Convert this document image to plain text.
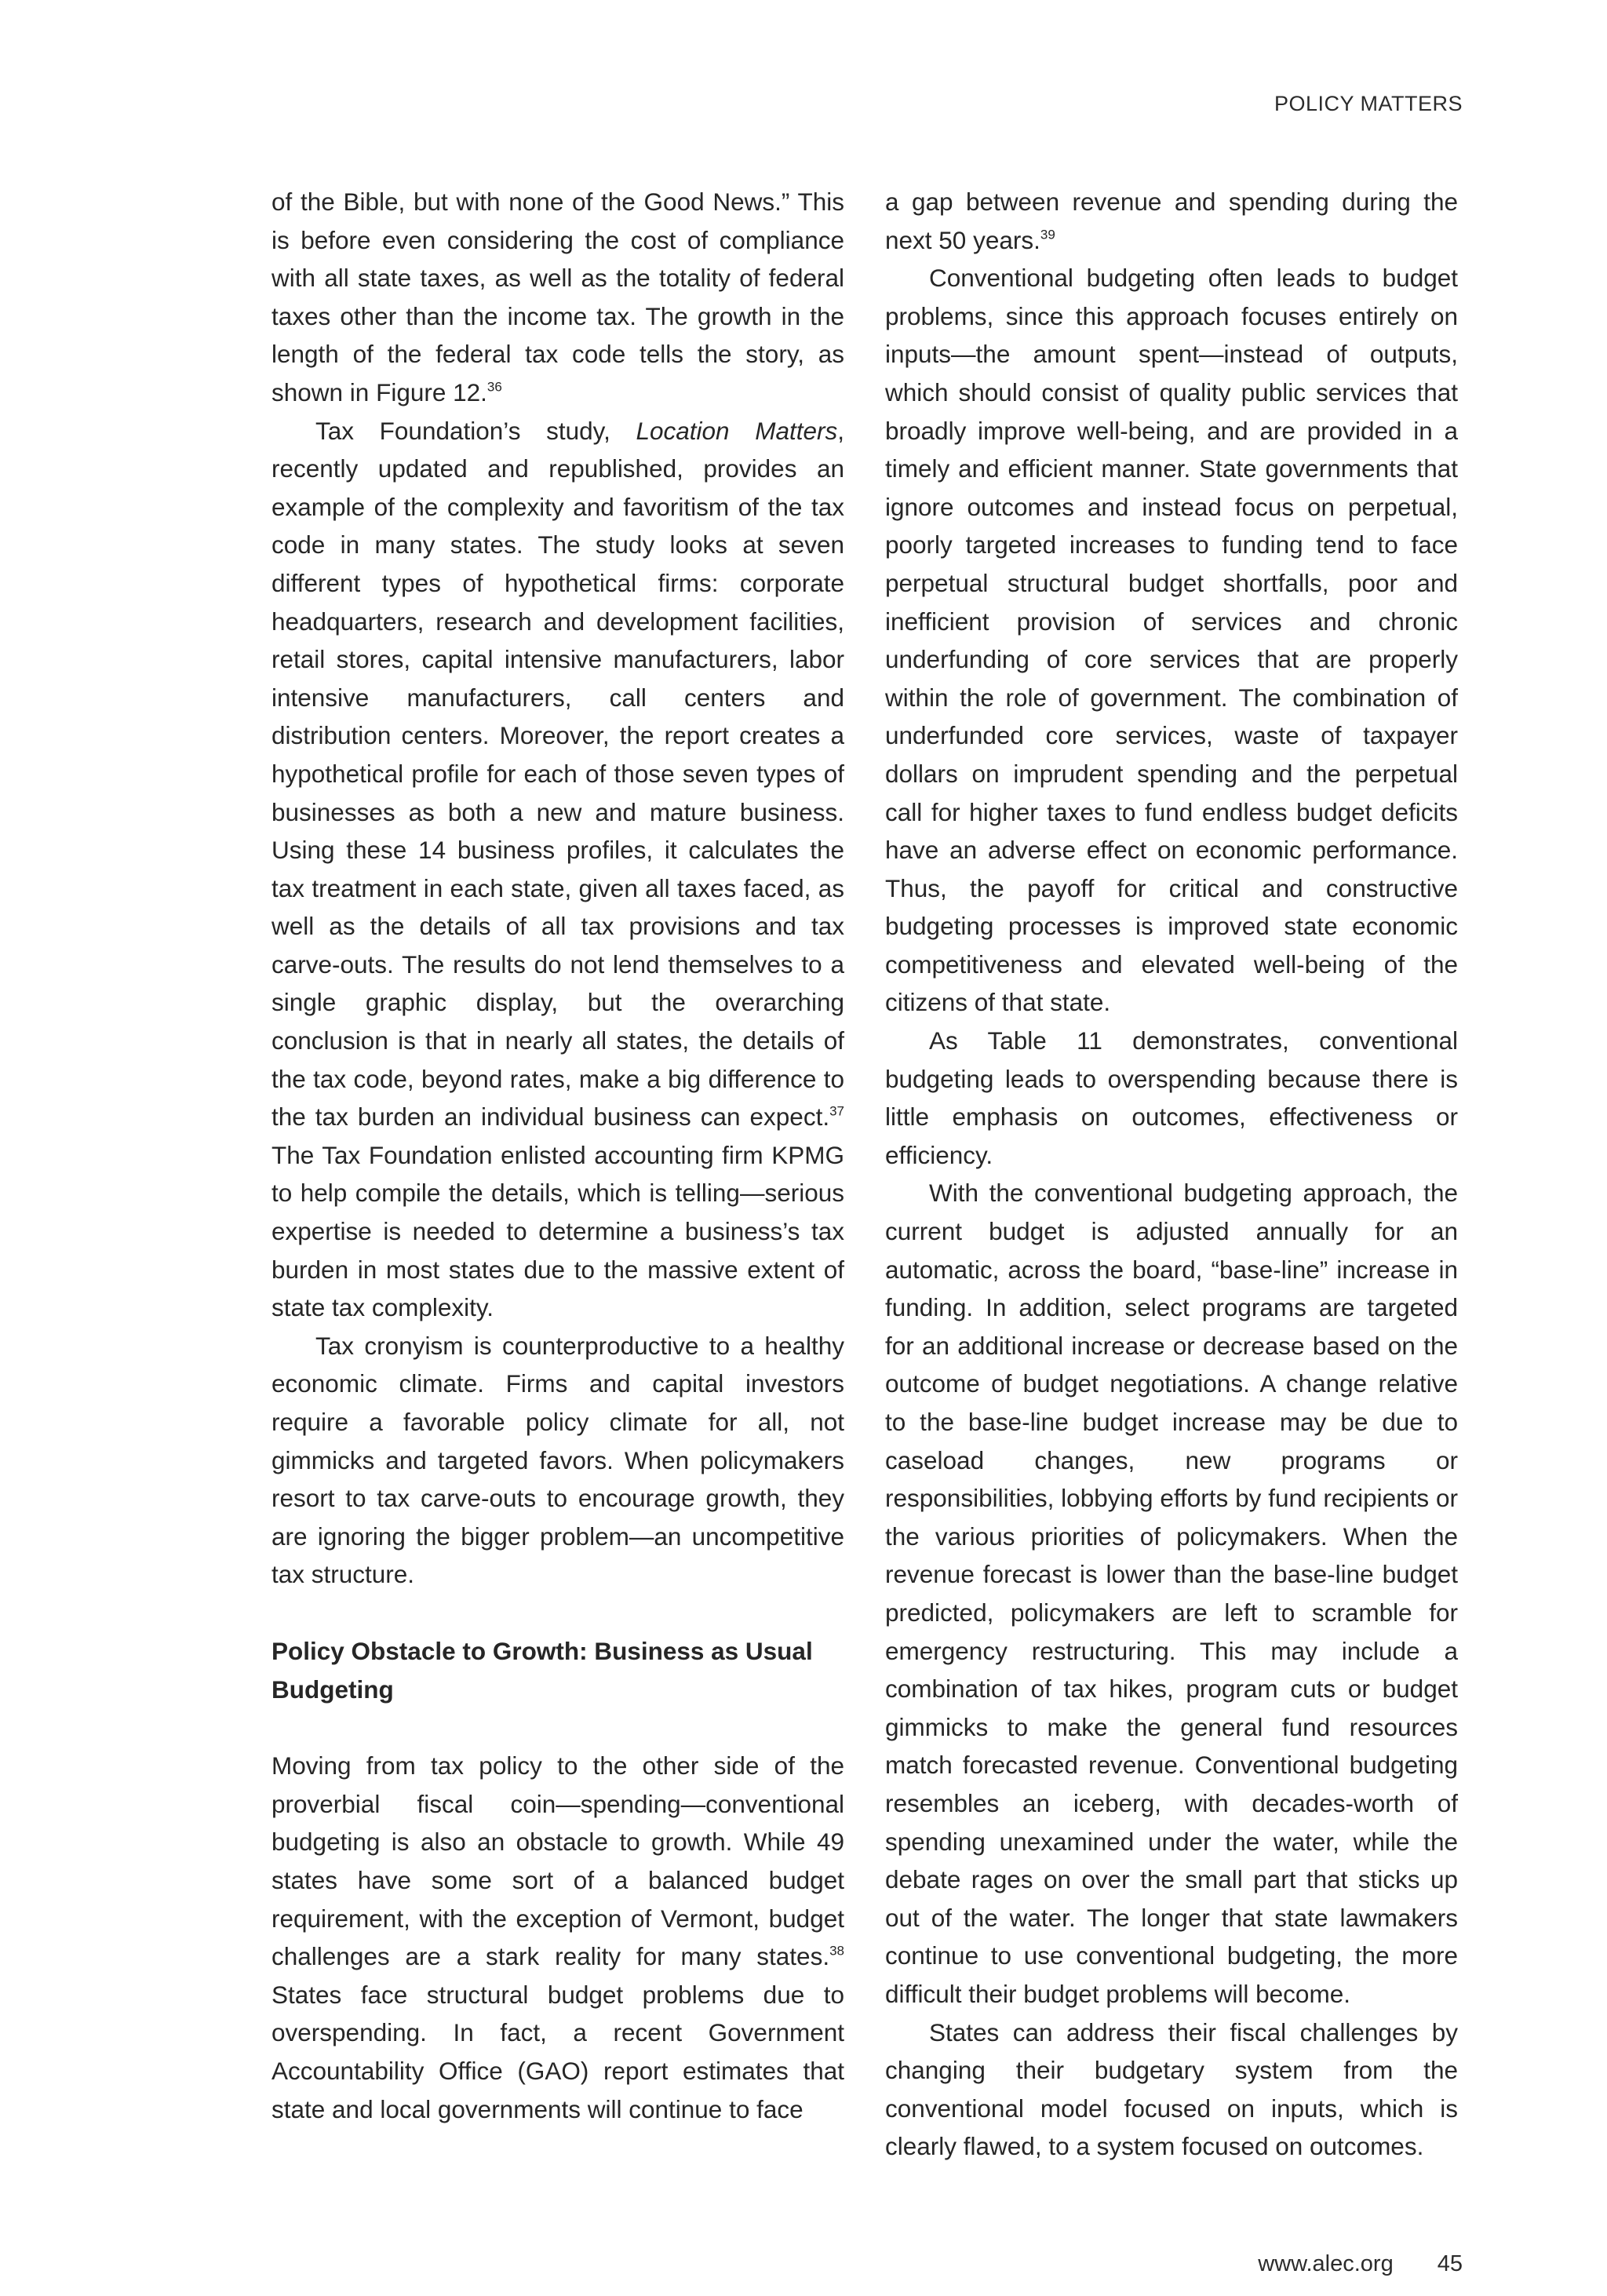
POLICY MATTERS

of the Bible, but with none of the Good News.” This is before even considering the cost of compliance with all state taxes, as well as the totality of federal taxes other than the income tax. The growth in the length of the federal tax code tells the story, as shown in Figure 12.36

Tax Foundation’s study, Location Matters, recently updated and republished, provides an example of the complexity and favoritism of the tax code in many states. The study looks at seven different types of hypothetical firms: corporate headquarters, research and development facilities, retail stores, capital intensive manufacturers, labor intensive manufacturers, call centers and distribution centers. Moreover, the report creates a hypothetical profile for each of those seven types of businesses as both a new and mature business. Using these 14 business profiles, it calculates the tax treatment in each state, given all taxes faced, as well as the details of all tax provisions and tax carve-outs. The results do not lend themselves to a single graphic display, but the overarching conclusion is that in nearly all states, the details of the tax code, beyond rates, make a big difference to the tax burden an individual business can expect.$^{37}$ The Tax Foundation enlisted accounting firm KPMG to help compile the details, which is telling—serious expertise is needed to determine a business’s tax burden in most states due to the massive extent of state tax complexity.

Tax cronyism is counterproductive to a healthy economic climate. Firms and capital investors require a favorable policy climate for all, not gimmicks and targeted favors. When policymakers resort to tax carve-outs to encourage growth, they are ignoring the bigger problem—an uncompetitive tax structure.

Policy Obstacle to Growth: Business as Usual Budgeting

Moving from tax policy to the other side of the proverbial fiscal coin—spending—conventional budgeting is also an obstacle to growth. While 49 states have some sort of a balanced budget requirement, with the exception of Vermont, budget challenges are a stark reality for many states.$^{38}$ States face structural budget problems due to overspending. In fact, a recent Government Accountability Office (GAO) report estimates that state and local governments will continue to face

a gap between revenue and spending during the next 50 years.$^{39}$

Conventional budgeting often leads to budget problems, since this approach focuses entirely on inputs—the amount spent—instead of outputs, which should consist of quality public services that broadly improve well-being, and are provided in a timely and efficient manner. State governments that ignore outcomes and instead focus on perpetual, poorly targeted increases to funding tend to face perpetual structural budget shortfalls, poor and inefficient provision of services and chronic underfunding of core services that are properly within the role of government. The combination of underfunded core services, waste of taxpayer dollars on imprudent spending and the perpetual call for higher taxes to fund endless budget deficits have an adverse effect on economic performance. Thus, the payoff for critical and constructive budgeting processes is improved state economic competitiveness and elevated well-being of the citizens of that state.

As Table 11 demonstrates, conventional budgeting leads to overspending because there is little emphasis on outcomes, effectiveness or efficiency.

With the conventional budgeting approach, the current budget is adjusted annually for an automatic, across the board, “base-line” increase in funding. In addition, select programs are targeted for an additional increase or decrease based on the outcome of budget negotiations. A change relative to the base-line budget increase may be due to caseload changes, new programs or responsibilities, lobbying efforts by fund recipients or the various priorities of policymakers. When the revenue forecast is lower than the base-line budget predicted, policymakers are left to scramble for emergency restructuring. This may include a combination of tax hikes, program cuts or budget gimmicks to make the general fund resources match forecasted revenue. Conventional budgeting resembles an iceberg, with decades-worth of spending unexamined under the water, while the debate rages on over the small part that sticks up out of the water. The longer that state lawmakers continue to use conventional budgeting, the more difficult their budget problems will become.

States can address their fiscal challenges by changing their budgetary system from the conventional model focused on inputs, which is clearly flawed, to a system focused on outcomes.

www.alec.org 45
